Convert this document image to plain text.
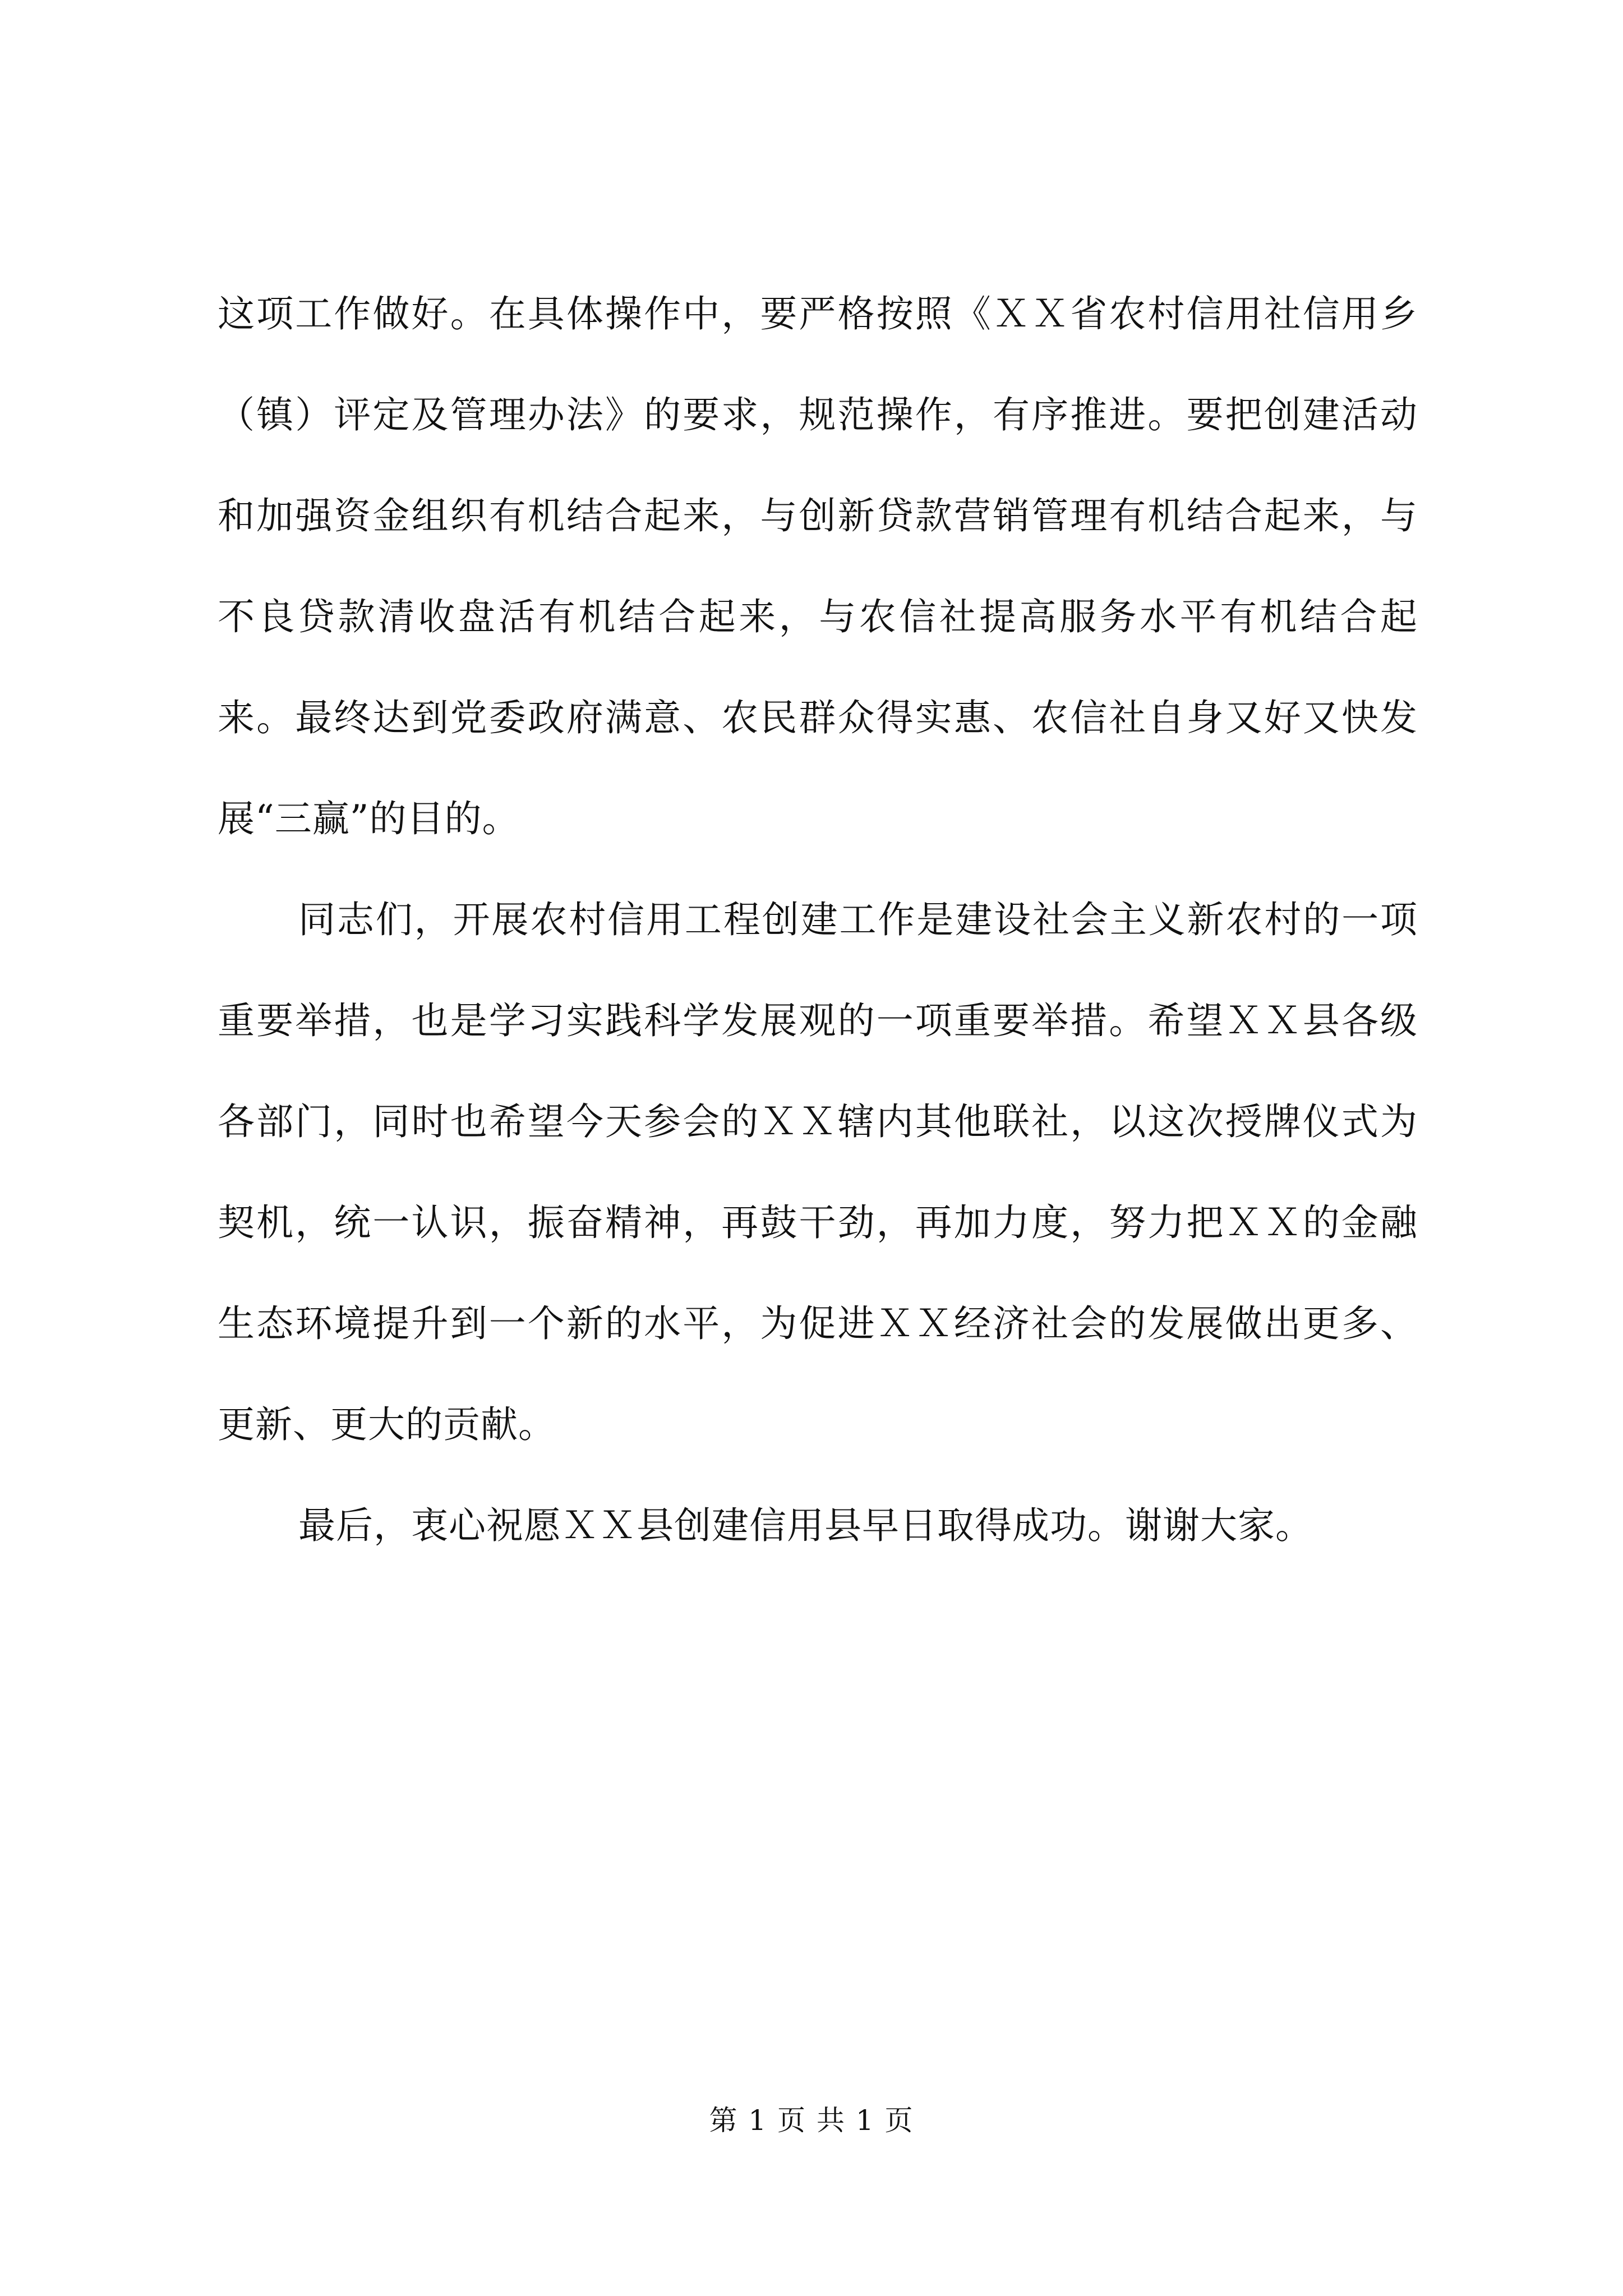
这项工作做好。在具体操作中，要严格按照《ＸＸ省农村信用社信用乡（镇）评定及管理办法》的要求，规范操作，有序推进。要把创建活动和加强资金组织有机结合起来，与创新贷款营销管理有机结合起来，与不良贷款清收盘活有机结合起来，与农信社提高服务水平有机结合起来。最终达到党委政府满意、农民群众得实惠、农信社自身又好又快发展“三赢”的目的。

同志们，开展农村信用工程创建工作是建设社会主义新农村的一项重要举措，也是学习实践科学发展观的一项重要举措。希望ＸＸ县各级各部门，同时也希望今天参会的ＸＸ辖内其他联社，以这次授牌仪式为契机，统一认识，振奋精神，再鼓干劲，再加力度，努力把ＸＸ的金融生态环境提升到一个新的水平，为促进ＸＸ经济社会的发展做出更多、更新、更大的贡献。

最后，衷心祝愿ＸＸ县创建信用县早日取得成功。谢谢大家。

第 1 页 共 1 页
